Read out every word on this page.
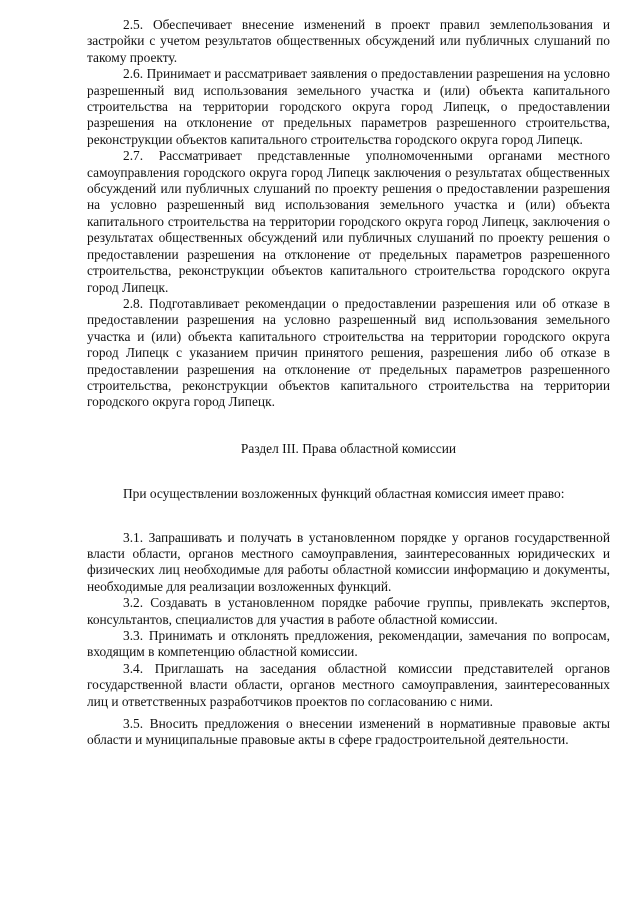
2.5. Обеспечивает внесение изменений в проект правил землепользования и застройки с учетом результатов общественных обсуждений или публичных слушаний по такому проекту.

2.6. Принимает и рассматривает заявления о предоставлении разрешения на условно разрешенный вид использования земельного участка и (или) объекта капитального строительства на территории городского округа город Липецк, о предоставлении разрешения на отклонение от предельных параметров разрешенного строительства, реконструкции объектов капитального строительства городского округа город Липецк.

2.7. Рассматривает представленные уполномоченными органами местного самоуправления городского округа город Липецк заключения о результатах общественных обсуждений или публичных слушаний по проекту решения о предоставлении разрешения на условно разрешенный вид использования земельного участка и (или) объекта капитального строительства на территории городского округа город Липецк, заключения о результатах общественных обсуждений или публичных слушаний по проекту решения о предоставлении разрешения на отклонение от предельных параметров разрешенного строительства, реконструкции объектов капитального строительства городского округа город Липецк.

2.8. Подготавливает рекомендации о предоставлении разрешения или об отказе в предоставлении разрешения на условно разрешенный вид использования земельного участка и (или) объекта капитального строительства на территории городского округа город Липецк с указанием причин принятого решения, разрешения либо об отказе в предоставлении разрешения на отклонение от предельных параметров разрешенного строительства, реконструкции объектов капитального строительства на территории городского округа город Липецк.

Раздел III. Права областной комиссии

При осуществлении возложенных функций областная комиссия имеет право:

3.1. Запрашивать и получать в установленном порядке у органов государственной власти области, органов местного самоуправления, заинтересованных юридических и физических лиц необходимые для работы областной комиссии информацию и документы, необходимые для реализации возложенных функций.

3.2. Создавать в установленном порядке рабочие группы, привлекать экспертов, консультантов, специалистов для участия в работе областной комиссии.

3.3. Принимать и отклонять предложения, рекомендации, замечания по вопросам, входящим в компетенцию областной комиссии.

3.4. Приглашать на заседания областной комиссии представителей органов государственной власти области, органов местного самоуправления, заинтересованных лиц и ответственных разработчиков проектов по согласованию с ними.

3.5. Вносить предложения о внесении изменений в нормативные правовые акты области и муниципальные правовые акты в сфере градостроительной деятельности.
